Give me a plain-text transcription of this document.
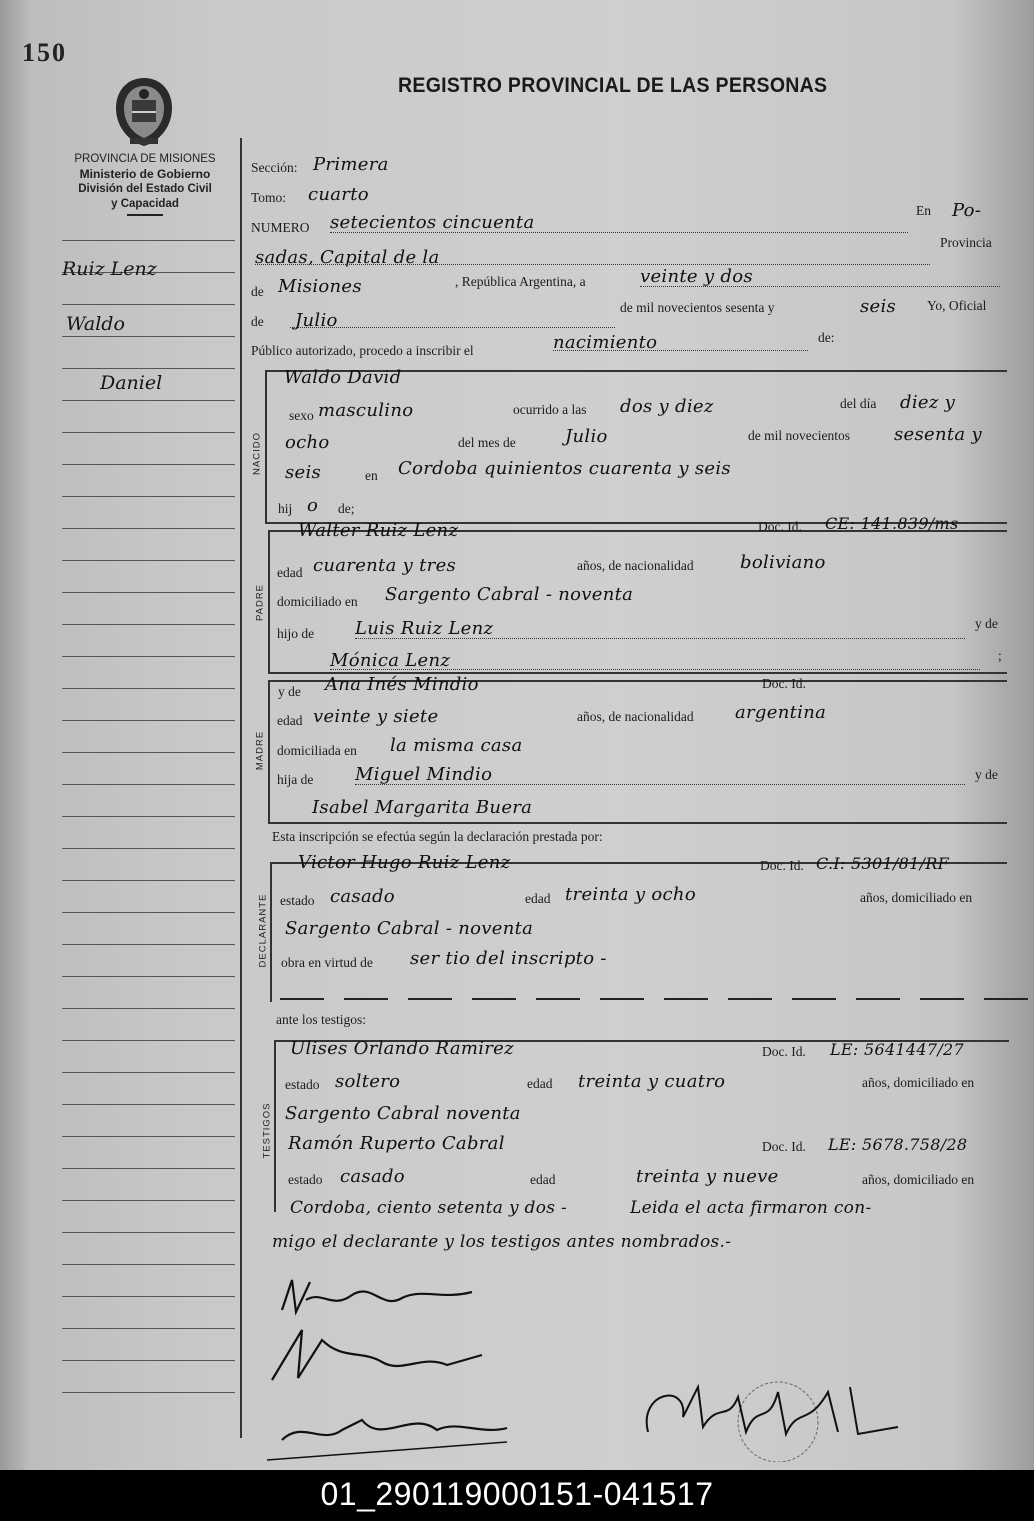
150
REGISTRO PROVINCIAL DE LAS PERSONAS
PROVINCIA DE MISIONES
Ministerio de Gobierno
División del Estado Civil
y Capacidad
Ruiz Lenz
Waldo
Daniel
Sección: Primera
Tomo: cuarto
NUMERO setecientos cincuenta
En Po-
sadas, Capital de la
Provincia
de Misiones	, República Argentina, a	veinte y dos
de Julio
de mil novecientos sesenta y	seis Yo, Oficial
Público autorizado, procedo a inscribir el	nacimiento	de:
NACIDO
Waldo David
sexo masculino	ocurrido a las dos y diez	del día diez y
ocho	del mes de	Julio	de mil novecientos sesenta y
seis	en Cordoba quinientos cuarenta y seis
hij o de;
PADRE
Walter Ruiz Lenz	Doc. Id. CE: 141.839/ms
edad cuarenta y tres	años, de nacionalidad	boliviano
domiciliado en Sargento Cabral - noventa
hijo de Luis Ruiz Lenz	y de
Mónica Lenz	;
MADRE
y de Ana Inés Mindio	Doc. Id.
edad veinte y siete	años, de nacionalidad argentina
domiciliada en la misma casa
hija de Miguel Mindio	y de
Isabel Margarita Buera
Esta inscripción se efectúa según la declaración prestada por:
DECLARANTE
Victor Hugo Ruiz Lenz	Doc. Id. C.I: 5301/81/RF
estado casado	edad treinta y ocho	años, domiciliado en
Sargento Cabral - noventa
obra en virtud de ser tio del inscripto -
ante los testigos:
TESTIGOS
Ulises Orlando Ramirez	Doc. Id. LE: 5641447/27
estado soltero	edad treinta y cuatro	años, domiciliado en
Sargento Cabral noventa
Ramón Ruperto Cabral	Doc. Id. LE: 5678.758/28
estado casado	edad	treinta y nueve	años, domiciliado en
Cordoba, ciento setenta y dos -	Leida el acta firmaron con-
migo el declarante y los testigos antes nombrados.-
01_290119000151-041517
